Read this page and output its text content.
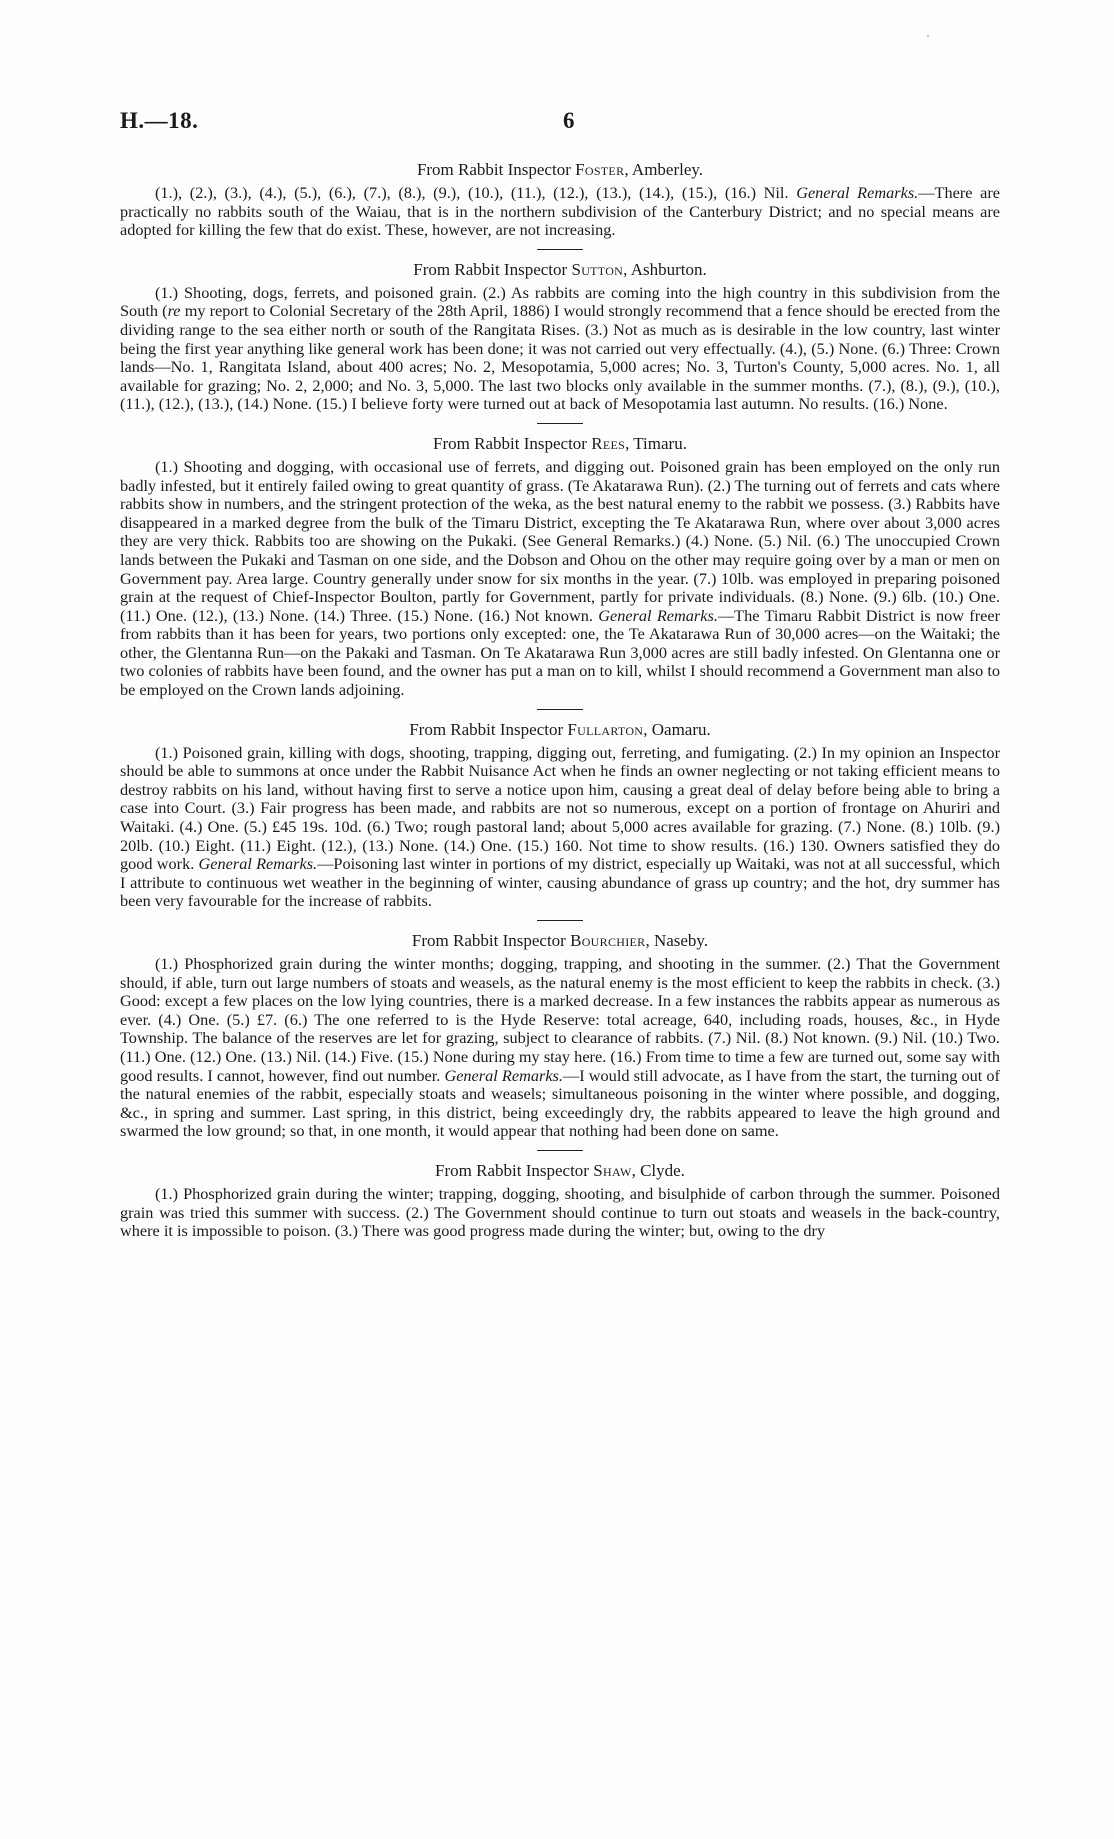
H.—18.	6
From Rabbit Inspector Foster, Amberley.

(1.), (2.), (3.), (4.), (5.), (6.), (7.), (8.), (9.), (10.), (11.), (12.), (13.), (14.), (15.), (16.) Nil. General Remarks.—There are practically no rabbits south of the Waiau, that is in the northern subdivision of the Canterbury District; and no special means are adopted for killing the few that do exist. These, however, are not increasing.

From Rabbit Inspector Sutton, Ashburton.

(1.) Shooting, dogs, ferrets, and poisoned grain. (2.) As rabbits are coming into the high country in this subdivision from the South (re my report to Colonial Secretary of the 28th April, 1886) I would strongly recommend that a fence should be erected from the dividing range to the sea either north or south of the Rangitata Rises. (3.) Not as much as is desirable in the low country, last winter being the first year anything like general work has been done; it was not carried out very effectually. (4.), (5.) None. (6.) Three: Crown lands—No. 1, Rangitata Island, about 400 acres; No. 2, Mesopotamia, 5,000 acres; No. 3, Turton's County, 5,000 acres. No. 1, all available for grazing; No. 2, 2,000; and No. 3, 5,000. The last two blocks only available in the summer months. (7.), (8.), (9.), (10.), (11.), (12.), (13.), (14.) None. (15.) I believe forty were turned out at back of Mesopotamia last autumn. No results. (16.) None.

From Rabbit Inspector Rees, Timaru.

(1.) Shooting and dogging, with occasional use of ferrets, and digging out. Poisoned grain has been employed on the only run badly infested, but it entirely failed owing to great quantity of grass. (Te Akatarawa Run). (2.) The turning out of ferrets and cats where rabbits show in numbers, and the stringent protection of the weka, as the best natural enemy to the rabbit we possess. (3.) Rabbits have disappeared in a marked degree from the bulk of the Timaru District, excepting the Te Akatarawa Run, where over about 3,000 acres they are very thick. Rabbits too are showing on the Pukaki. (See General Remarks.) (4.) None. (5.) Nil. (6.) The unoccupied Crown lands between the Pukaki and Tasman on one side, and the Dobson and Ohou on the other may require going over by a man or men on Government pay. Area large. Country generally under snow for six months in the year. (7.) 10lb. was employed in preparing poisoned grain at the request of Chief-Inspector Boulton, partly for Government, partly for private individuals. (8.) None. (9.) 6lb. (10.) One. (11.) One. (12.), (13.) None. (14.) Three. (15.) None. (16.) Not known. General Remarks.—The Timaru Rabbit District is now freer from rabbits than it has been for years, two portions only excepted: one, the Te Akatarawa Run of 30,000 acres—on the Waitaki; the other, the Glentanna Run—on the Pakaki and Tasman. On Te Akatarawa Run 3,000 acres are still badly infested. On Glentanna one or two colonies of rabbits have been found, and the owner has put a man on to kill, whilst I should recommend a Government man also to be employed on the Crown lands adjoining.

From Rabbit Inspector Fullarton, Oamaru.

(1.) Poisoned grain, killing with dogs, shooting, trapping, digging out, ferreting, and fumigating. (2.) In my opinion an Inspector should be able to summons at once under the Rabbit Nuisance Act when he finds an owner neglecting or not taking efficient means to destroy rabbits on his land, without having first to serve a notice upon him, causing a great deal of delay before being able to bring a case into Court. (3.) Fair progress has been made, and rabbits are not so numerous, except on a portion of frontage on Ahuriri and Waitaki. (4.) One. (5.) £45 19s. 10d. (6.) Two; rough pastoral land; about 5,000 acres available for grazing. (7.) None. (8.) 10lb. (9.) 20lb. (10.) Eight. (11.) Eight. (12.), (13.) None. (14.) One. (15.) 160. Not time to show results. (16.) 130. Owners satisfied they do good work. General Remarks.—Poisoning last winter in portions of my district, especially up Waitaki, was not at all successful, which I attribute to continuous wet weather in the beginning of winter, causing abundance of grass up country; and the hot, dry summer has been very favourable for the increase of rabbits.

From Rabbit Inspector Bourchier, Naseby.

(1.) Phosphorized grain during the winter months; dogging, trapping, and shooting in the summer. (2.) That the Government should, if able, turn out large numbers of stoats and weasels, as the natural enemy is the most efficient to keep the rabbits in check. (3.) Good: except a few places on the low lying countries, there is a marked decrease. In a few instances the rabbits appear as numerous as ever. (4.) One. (5.) £7. (6.) The one referred to is the Hyde Reserve: total acreage, 640, including roads, houses, &c., in Hyde Township. The balance of the reserves are let for grazing, subject to clearance of rabbits. (7.) Nil. (8.) Not known. (9.) Nil. (10.) Two. (11.) One. (12.) One. (13.) Nil. (14.) Five. (15.) None during my stay here. (16.) From time to time a few are turned out, some say with good results. I cannot, however, find out number. General Remarks.—I would still advocate, as I have from the start, the turning out of the natural enemies of the rabbit, especially stoats and weasels; simultaneous poisoning in the winter where possible, and dogging, &c., in spring and summer. Last spring, in this district, being exceedingly dry, the rabbits appeared to leave the high ground and swarmed the low ground; so that, in one month, it would appear that nothing had been done on same.

From Rabbit Inspector Shaw, Clyde.

(1.) Phosphorized grain during the winter; trapping, dogging, shooting, and bisulphide of carbon through the summer. Poisoned grain was tried this summer with success. (2.) The Government should continue to turn out stoats and weasels in the back-country, where it is impossible to poison. (3.) There was good progress made during the winter; but, owing to the dry
